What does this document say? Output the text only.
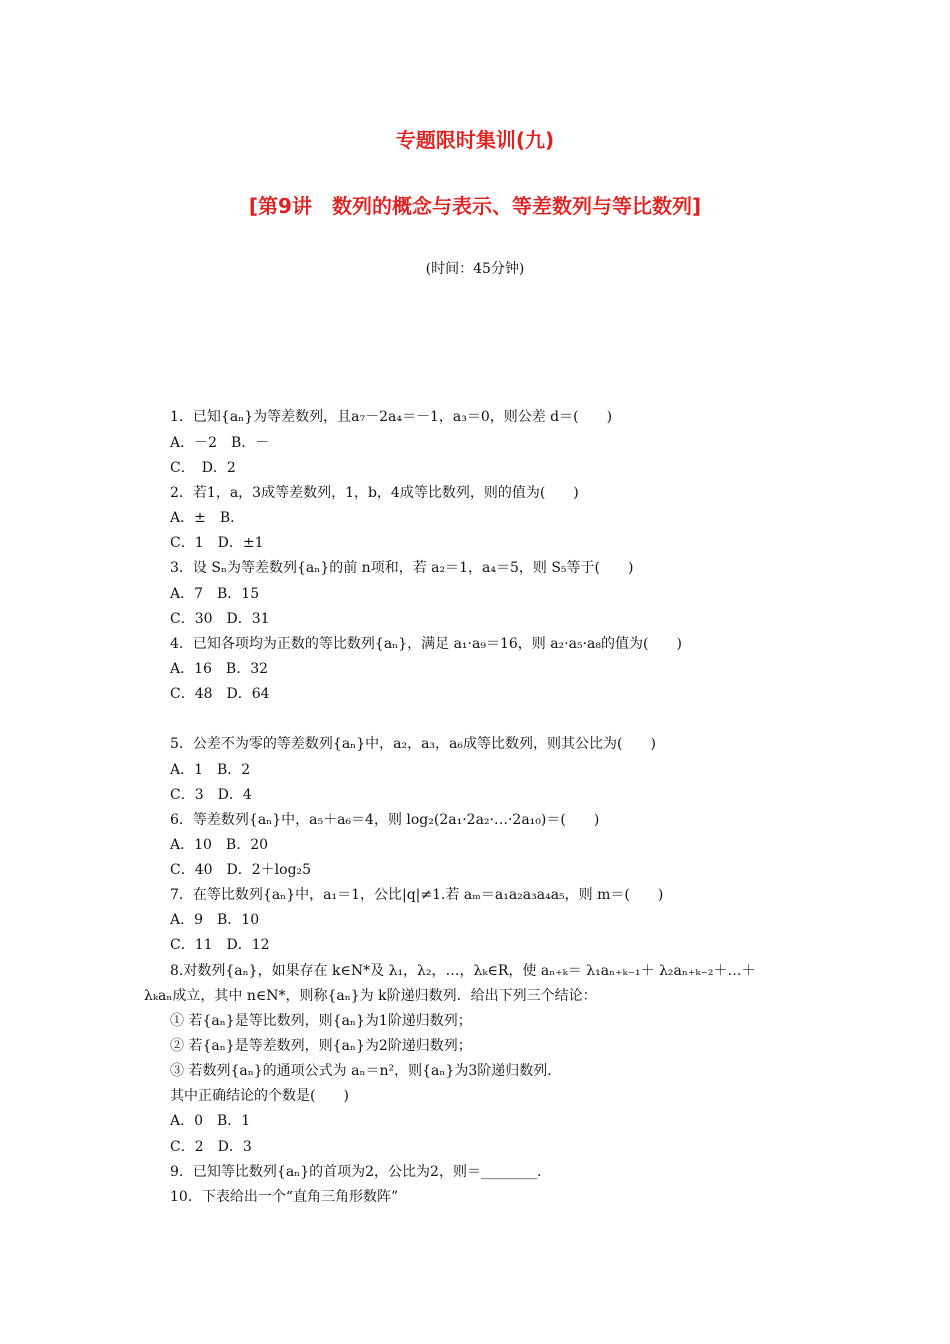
专题限时集训(九)
[第9讲　数列的概念与表示、等差数列与等比数列]
(时间：45分钟)
1．已知{aₙ}为等差数列，且a₇－2a₄＝－1，a₃＝0，则公差 d＝(　　)
A．－2　B．－
C．　D．2
2．若1，a，3成等差数列，1，b，4成等比数列，则的值为(　　)
A．±　B.
C．1　D．±1
3．设 Sₙ为等差数列{aₙ}的前 n项和，若 a₂＝1，a₄＝5，则 S₅等于(　　)
A．7　B．15
C．30　D．31
4．已知各项均为正数的等比数列{aₙ}，满足 a₁·a₉＝16，则 a₂·a₅·a₈的值为(　　)
A．16　B．32
C．48　D．64
5．公差不为零的等差数列{aₙ}中，a₂，a₃，a₆成等比数列，则其公比为(　　)
A．1　B．2
C．3　D．4
6．等差数列{aₙ}中，a₅＋a₆＝4，则 log₂(2a₁·2a₂·…·2a₁₀)＝(　　)
A．10　B．20
C．40　D．2＋log₂5
7．在等比数列{aₙ}中，a₁＝1，公比|q|≠1.若 aₘ＝a₁a₂a₃a₄a₅，则 m＝(　　)
A．9　B．10
C．11　D．12
8.对数列{aₙ}，如果存在 k∈N*及 λ₁，λ₂，…，λₖ∈R，使 aₙ₊ₖ＝ λ₁aₙ₊ₖ₋₁＋ λ₂aₙ₊ₖ₋₂＋…＋
λₖaₙ成立，其中 n∈N*，则称{aₙ}为 k阶递归数列．给出下列三个结论：
① 若{aₙ}是等比数列，则{aₙ}为1阶递归数列；
② 若{aₙ}是等差数列，则{aₙ}为2阶递归数列；
③ 若数列{aₙ}的通项公式为 aₙ＝n²，则{aₙ}为3阶递归数列.
其中正确结论的个数是(　　)
A．0　B．1
C．2　D．3
9．已知等比数列{aₙ}的首项为2，公比为2，则＝________．
10．下表给出一个“直角三角形数阵”
